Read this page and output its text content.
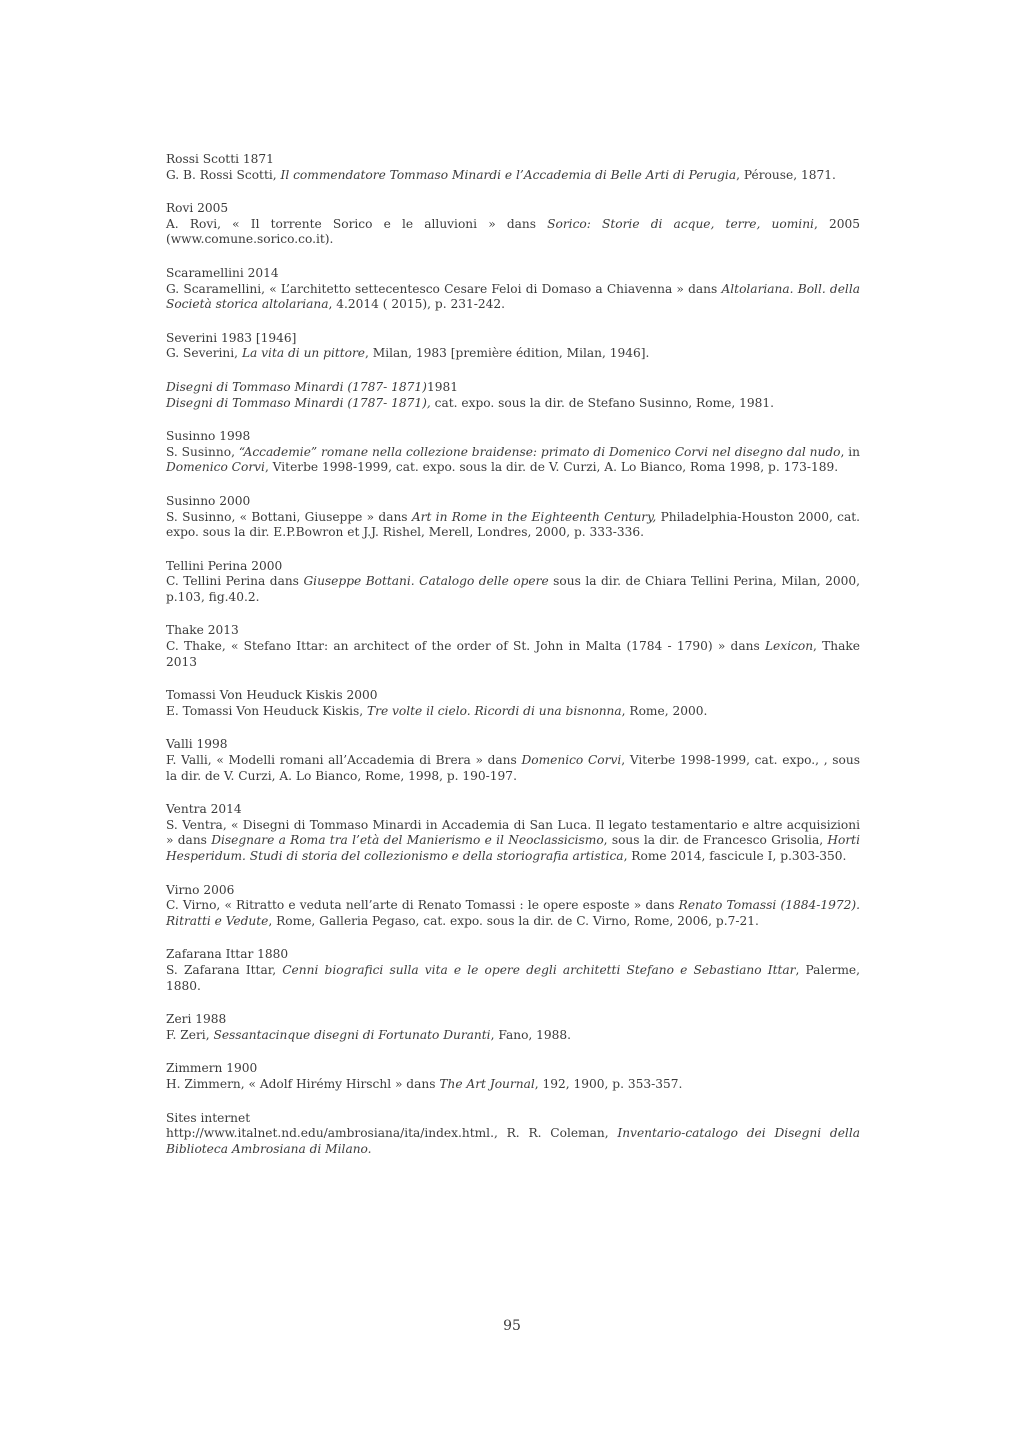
Rossi Scotti 1871
G. B. Rossi Scotti, Il commendatore Tommaso Minardi e l’Accademia di Belle Arti di Perugia, Pérouse, 1871.
Rovi 2005
A. Rovi, « Il torrente Sorico e le alluvioni » dans Sorico: Storie di acque, terre, uomini, 2005 (www.comune.sorico.co.it).
Scaramellini 2014
G. Scaramellini, « L’architetto settecentesco Cesare Feloi di Domaso a Chiavenna » dans Altolariana. Boll. della Società storica altolariana, 4.2014 ( 2015), p. 231-242.
Severini 1983 [1946]
G. Severini, La vita di un pittore, Milan, 1983 [première édition, Milan, 1946].
Disegni di Tommaso Minardi (1787- 1871)1981
Disegni di Tommaso Minardi (1787- 1871), cat. expo. sous la dir. de Stefano Susinno, Rome, 1981.
Susinno 1998
S. Susinno, “Accademie” romane nella collezione braidense: primato di Domenico Corvi nel disegno dal nudo, in Domenico Corvi, Viterbe 1998-1999, cat. expo. sous la dir. de V. Curzi, A. Lo Bianco, Roma 1998, p. 173-189.
Susinno 2000
S. Susinno, « Bottani, Giuseppe » dans Art in Rome in the Eighteenth Century, Philadelphia-Houston 2000, cat. expo. sous la dir. E.P.Bowron et J.J. Rishel, Merell, Londres, 2000, p. 333-336.
Tellini Perina 2000
C. Tellini Perina dans Giuseppe Bottani. Catalogo delle opere sous la dir. de Chiara Tellini Perina, Milan, 2000, p.103, fig.40.2.
Thake 2013
C. Thake, « Stefano Ittar: an architect of the order of St. John in Malta (1784 - 1790) » dans Lexicon, Thake 2013
Tomassi Von Heuduck Kiskis 2000
E. Tomassi Von Heuduck Kiskis, Tre volte il cielo. Ricordi di una bisnonna, Rome, 2000.
Valli 1998
F. Valli, « Modelli romani all’Accademia di Brera » dans Domenico Corvi, Viterbe 1998-1999, cat. expo., , sous la dir. de V. Curzi, A. Lo Bianco, Rome, 1998, p. 190-197.
Ventra 2014
S. Ventra, « Disegni di Tommaso Minardi in Accademia di San Luca. Il legato testamentario e altre acquisizioni » dans Disegnare a Roma tra l’età del Manierismo e il Neoclassicismo, sous la dir. de Francesco Grisolia, Horti Hesperidum. Studi di storia del collezionismo e della storiografia artistica, Rome 2014, fascicule I, p.303-350.
Virno 2006
C. Virno, « Ritratto e veduta nell’arte di Renato Tomassi : le opere esposte » dans Renato Tomassi (1884-1972). Ritratti e Vedute, Rome, Galleria Pegaso, cat. expo. sous la dir. de C. Virno, Rome, 2006, p.7-21.
Zafarana Ittar 1880
S. Zafarana Ittar, Cenni biografici sulla vita e le opere degli architetti Stefano e Sebastiano Ittar, Palerme, 1880.
Zeri 1988
F. Zeri, Sessantacinque disegni di Fortunato Duranti, Fano, 1988.
Zimmern 1900
H. Zimmern, « Adolf Hirémy Hirschl » dans The Art Journal, 192, 1900, p. 353-357.
Sites internet
http://www.italnet.nd.edu/ambrosiana/ita/index.html., R. R. Coleman, Inventario-catalogo dei Disegni della Biblioteca Ambrosiana di Milano.
95
